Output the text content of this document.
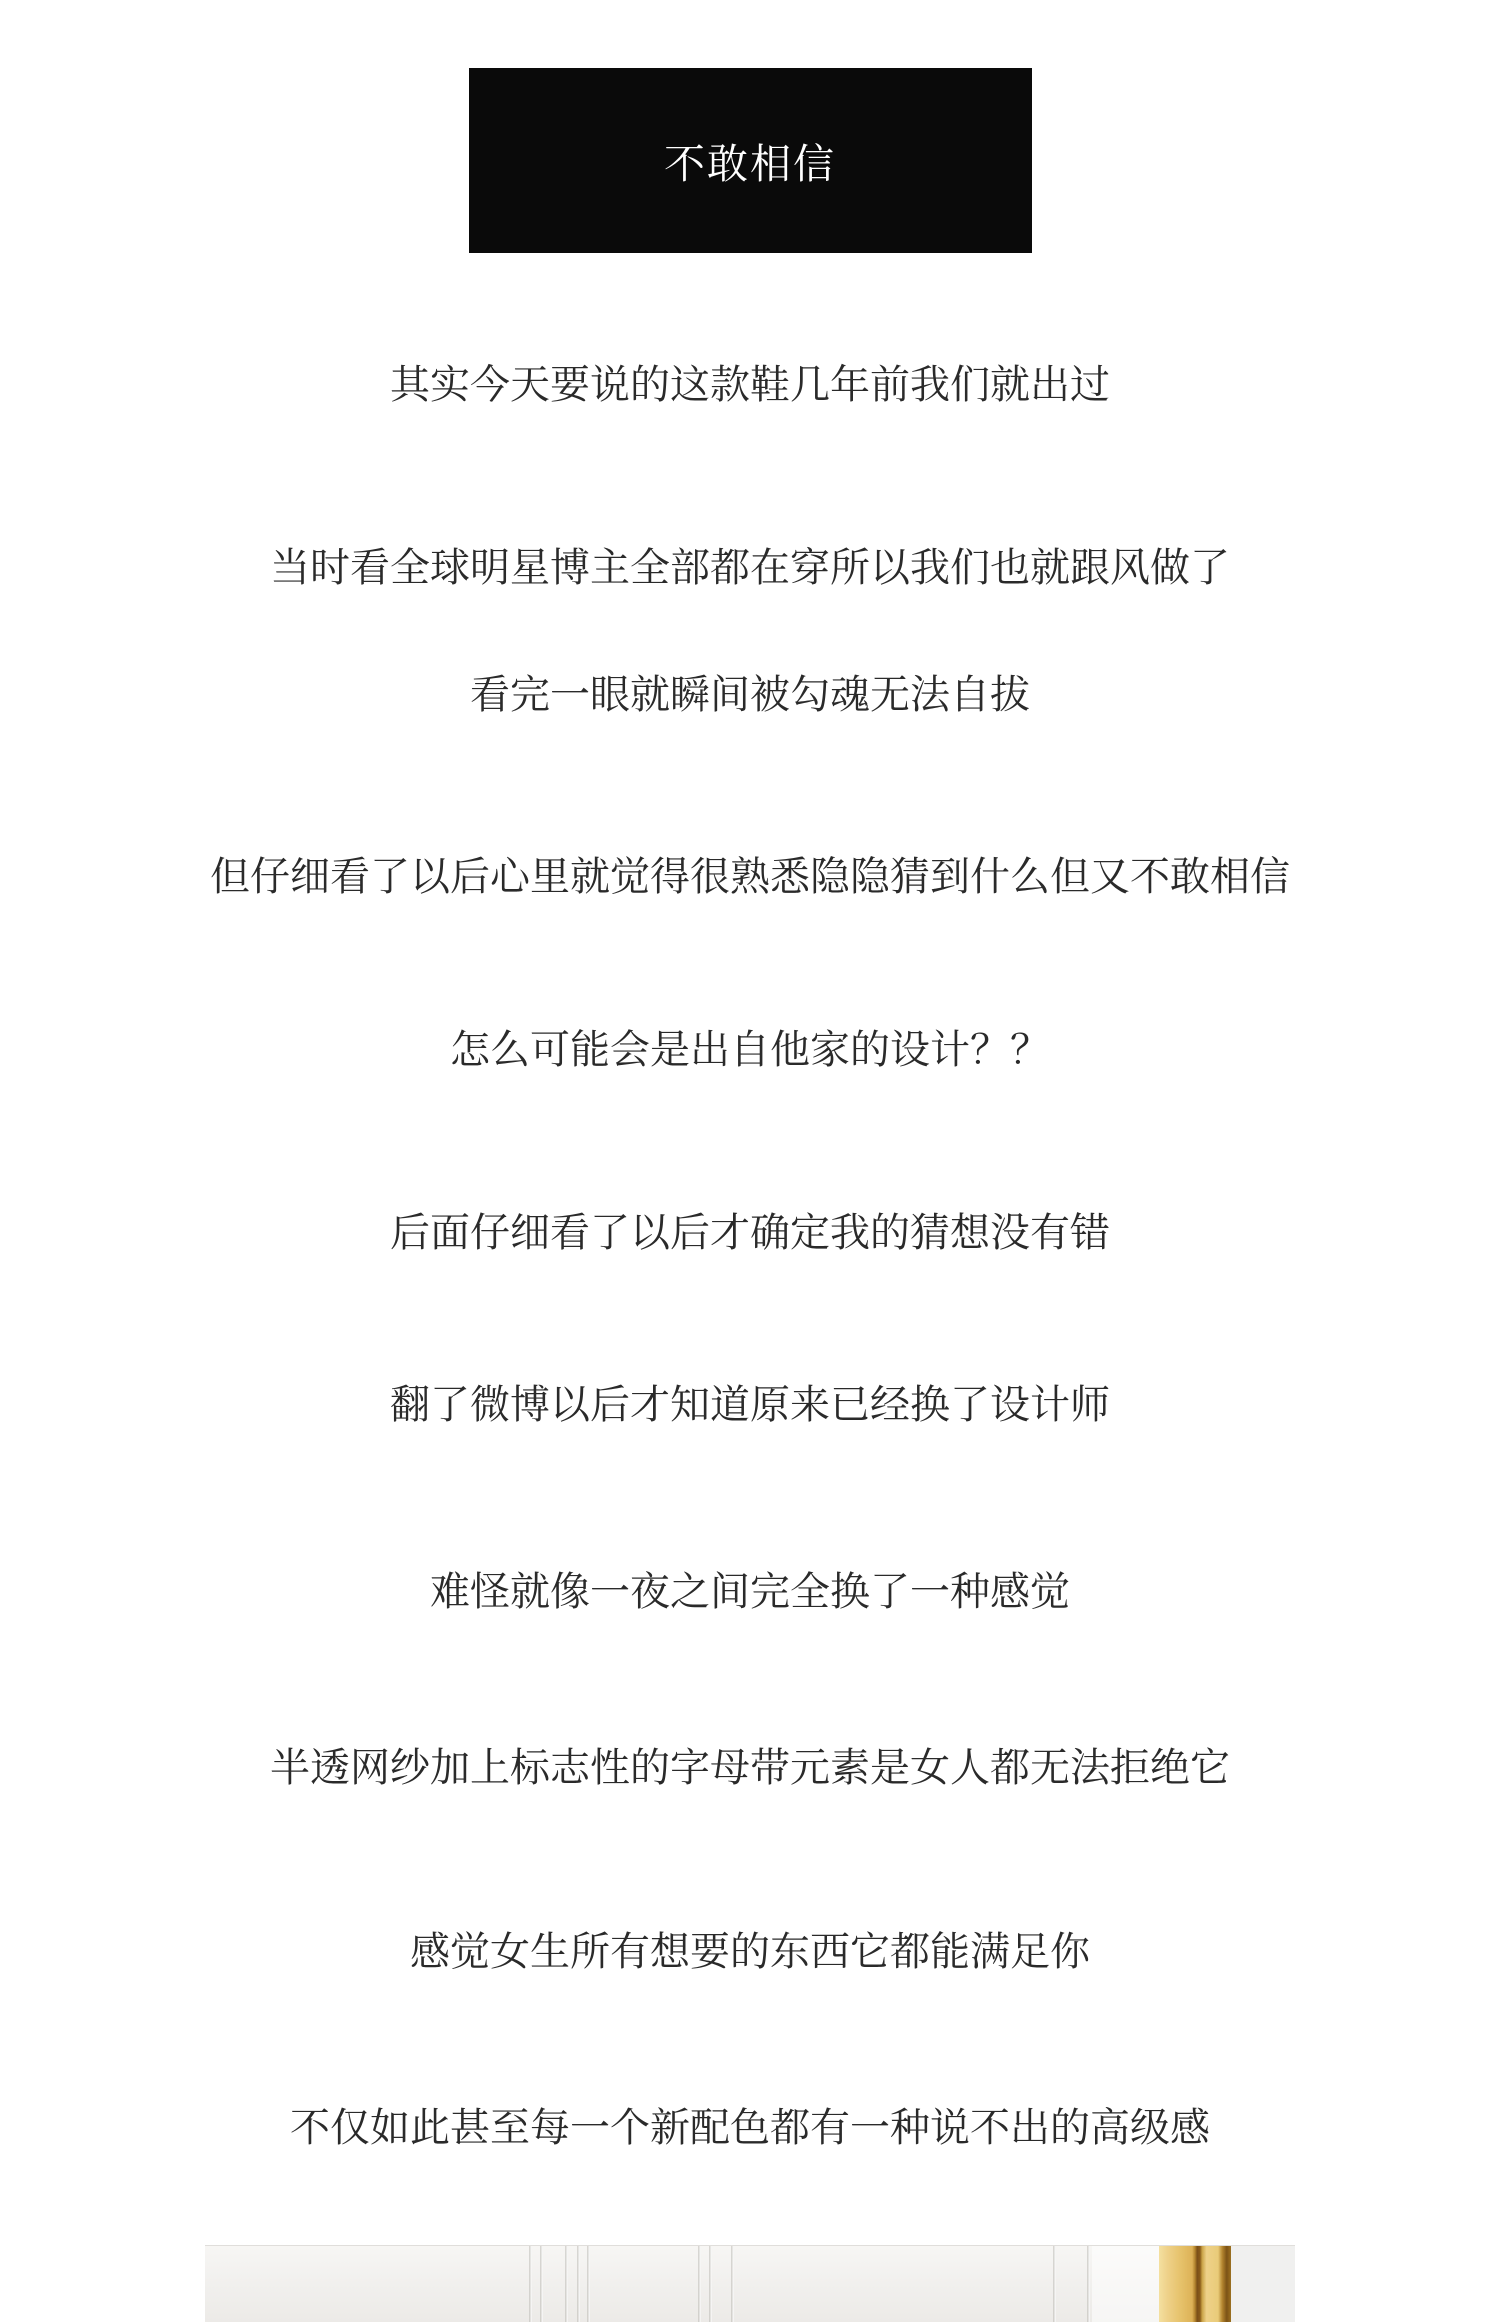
不敢相信

其实今天要说的这款鞋几年前我们就出过

当时看全球明星博主全部都在穿所以我们也就跟风做了

看完一眼就瞬间被勾魂无法自拔

但仔细看了以后心里就觉得很熟悉隐隐猜到什么但又不敢相信

怎么可能会是出自他家的设计？？

后面仔细看了以后才确定我的猜想没有错

翻了微博以后才知道原来已经换了设计师

难怪就像一夜之间完全换了一种感觉

半透网纱加上标志性的字母带元素是女人都无法拒绝它

感觉女生所有想要的东西它都能满足你

不仅如此甚至每一个新配色都有一种说不出的高级感
